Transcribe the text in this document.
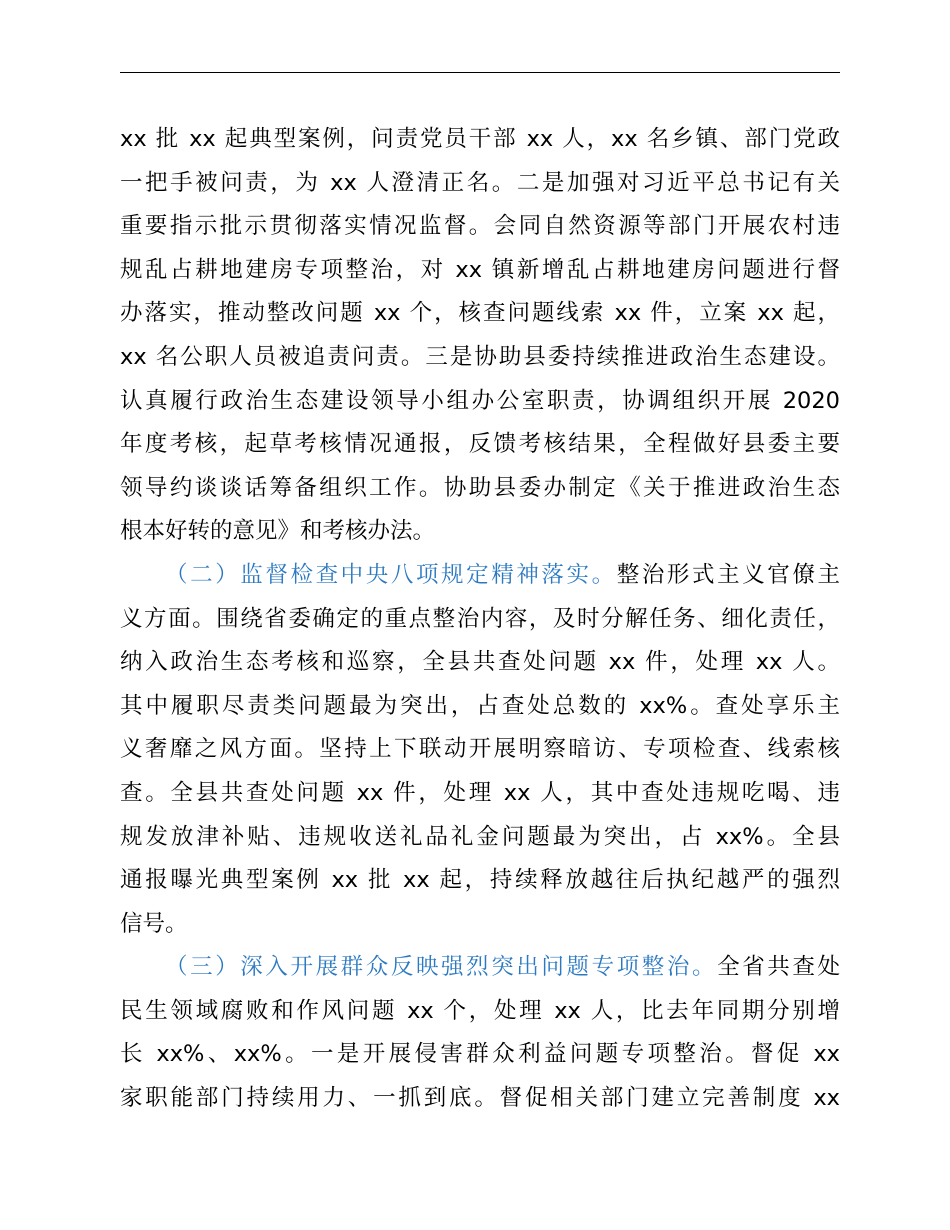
xx 批 xx 起典型案例，问责党员干部 xx 人，xx 名乡镇、部门党政
一把手被问责，为 xx 人澄清正名。二是加强对习近平总书记有关
重要指示批示贯彻落实情况监督。会同自然资源等部门开展农村违
规乱占耕地建房专项整治，对 xx 镇新增乱占耕地建房问题进行督
办落实，推动整改问题 xx 个，核查问题线索 xx 件，立案 xx 起，
xx 名公职人员被追责问责。三是协助县委持续推进政治生态建设。
认真履行政治生态建设领导小组办公室职责，协调组织开展 2020
年度考核，起草考核情况通报，反馈考核结果，全程做好县委主要
领导约谈谈话筹备组织工作。协助县委办制定《关于推进政治生态
根本好转的意见》和考核办法。
（二）监督检查中央八项规定精神落实。整治形式主义官僚主
义方面。围绕省委确定的重点整治内容，及时分解任务、细化责任，
纳入政治生态考核和巡察，全县共查处问题 xx 件，处理 xx 人。
其中履职尽责类问题最为突出，占查处总数的 xx%。查处享乐主
义奢靡之风方面。坚持上下联动开展明察暗访、专项检查、线索核
查。全县共查处问题 xx 件，处理 xx 人，其中查处违规吃喝、违
规发放津补贴、违规收送礼品礼金问题最为突出，占 xx%。全县
通报曝光典型案例 xx 批 xx 起，持续释放越往后执纪越严的强烈
信号。
（三）深入开展群众反映强烈突出问题专项整治。全省共查处
民生领域腐败和作风问题 xx 个，处理 xx 人，比去年同期分别增
长 xx%、xx%。一是开展侵害群众利益问题专项整治。督促 xx
家职能部门持续用力、一抓到底。督促相关部门建立完善制度 xx
